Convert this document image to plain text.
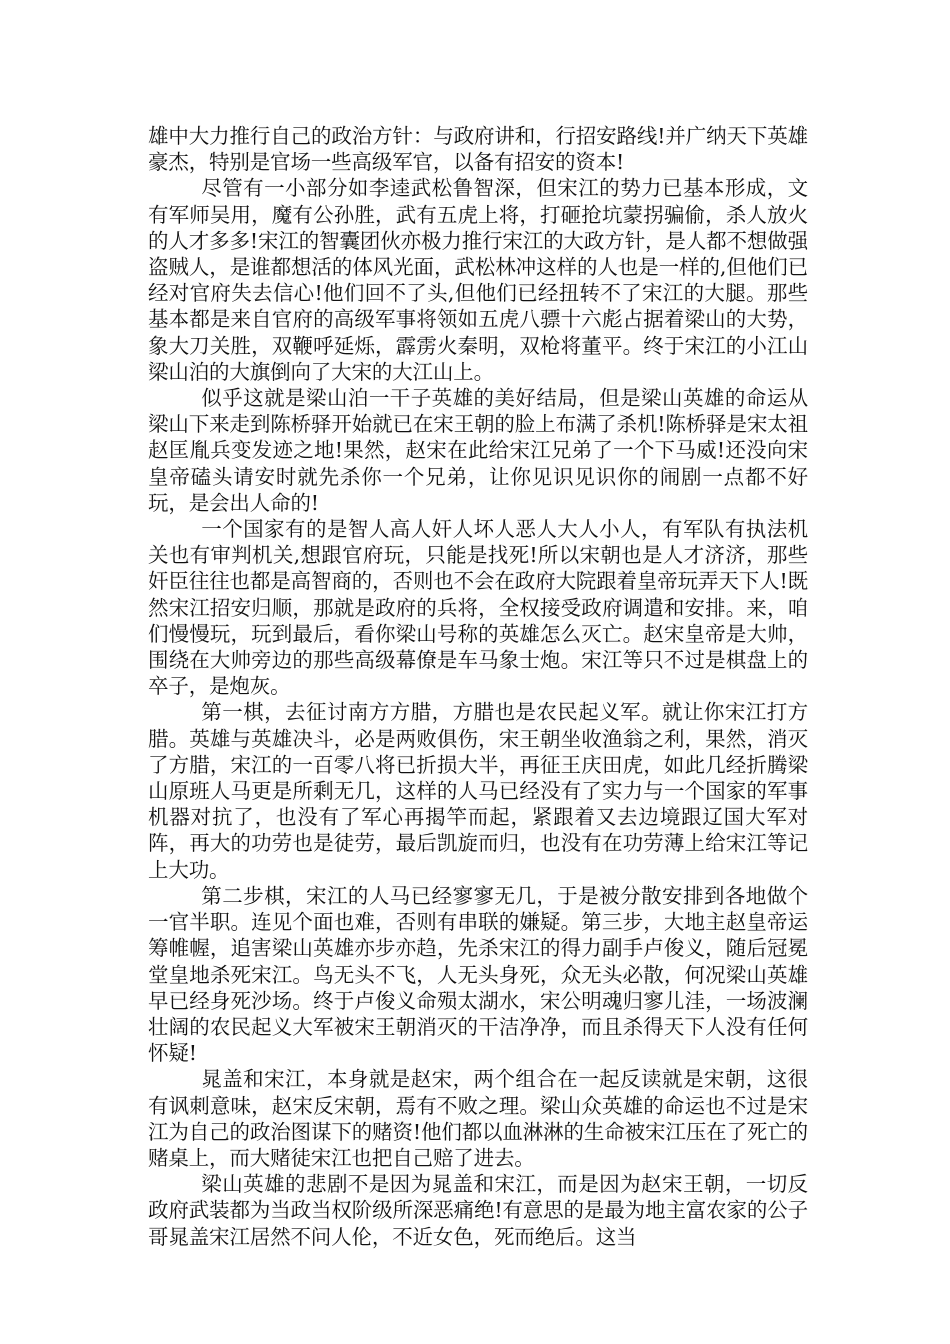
雄中大力推行自己的政治方针：与政府讲和，行招安路线!并广纳天下英雄豪杰，特别是官场一些高级军官，以备有招安的资本!

尽管有一小部分如李逵武松鲁智深，但宋江的势力已基本形成，文有军师吴用，魔有公孙胜，武有五虎上将，打砸抢坑蒙拐骗偷，杀人放火的人才多多!宋江的智囊团伙亦极力推行宋江的大政方针，是人都不想做强盗贼人，是谁都想活的体风光面，武松林冲这样的人也是一样的,但他们已经对官府失去信心!他们回不了头,但他们已经扭转不了宋江的大腿。那些基本都是来自官府的高级军事将领如五虎八骠十六彪占据着梁山的大势，象大刀关胜，双鞭呼延烁，霹雳火秦明，双枪将董平。终于宋江的小江山梁山泊的大旗倒向了大宋的大江山上。

似乎这就是梁山泊一干子英雄的美好结局，但是梁山英雄的命运从梁山下来走到陈桥驿开始就已在宋王朝的脸上布满了杀机!陈桥驿是宋太祖赵匡胤兵变发迹之地!果然，赵宋在此给宋江兄弟了一个下马威!还没向宋皇帝磕头请安时就先杀你一个兄弟，让你见识见识你的闹剧一点都不好玩，是会出人命的!

一个国家有的是智人高人奸人坏人恶人大人小人，有军队有执法机关也有审判机关,想跟官府玩，只能是找死!所以宋朝也是人才济济，那些奸臣往往也都是高智商的，否则也不会在政府大院跟着皇帝玩弄天下人!既然宋江招安归顺，那就是政府的兵将，全权接受政府调遣和安排。来，咱们慢慢玩，玩到最后，看你梁山号称的英雄怎么灭亡。赵宋皇帝是大帅，围绕在大帅旁边的那些高级幕僚是车马象士炮。宋江等只不过是棋盘上的卒子，是炮灰。

第一棋，去征讨南方方腊，方腊也是农民起义军。就让你宋江打方腊。英雄与英雄决斗，必是两败俱伤，宋王朝坐收渔翁之利，果然，消灭了方腊，宋江的一百零八将已折损大半，再征王庆田虎，如此几经折腾梁山原班人马更是所剩无几，这样的人马已经没有了实力与一个国家的军事机器对抗了，也没有了军心再揭竿而起，紧跟着又去边境跟辽国大军对阵，再大的功劳也是徒劳，最后凯旋而归，也没有在功劳薄上给宋江等记上大功。

第二步棋，宋江的人马已经寥寥无几，于是被分散安排到各地做个一官半职。连见个面也难，否则有串联的嫌疑。第三步，大地主赵皇帝运筹帷幄，追害梁山英雄亦步亦趋，先杀宋江的得力副手卢俊义，随后冠冕堂皇地杀死宋江。鸟无头不飞，人无头身死，众无头必散，何况梁山英雄早已经身死沙场。终于卢俊义命殒太湖水，宋公明魂归寥儿洼，一场波澜壮阔的农民起义大军被宋王朝消灭的干洁净净，而且杀得天下人没有任何怀疑!

晁盖和宋江，本身就是赵宋，两个组合在一起反读就是宋朝，这很有讽刺意味，赵宋反宋朝，焉有不败之理。梁山众英雄的命运也不过是宋江为自己的政治图谋下的赌资!他们都以血淋淋的生命被宋江压在了死亡的赌桌上，而大赌徒宋江也把自己赔了进去。

梁山英雄的悲剧不是因为晁盖和宋江，而是因为赵宋王朝，一切反政府武装都为当政当权阶级所深恶痛绝!有意思的是最为地主富农家的公子哥晁盖宋江居然不问人伦，不近女色，死而绝后。这当
